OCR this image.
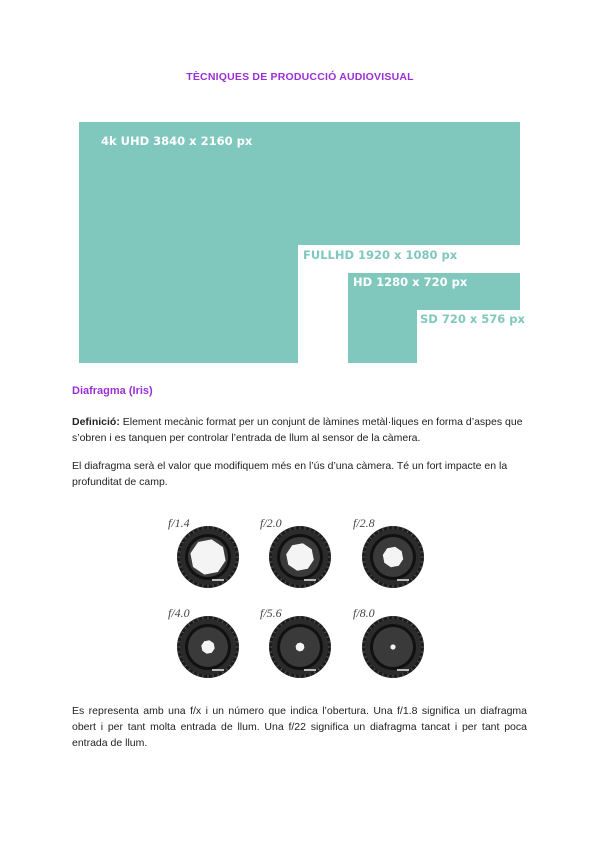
TÈCNIQUES DE PRODUCCIÓ AUDIOVISUAL
4k UHD 3840 x 2160 px
FULLHD 1920 x 1080 px
HD 1280 x 720 px
SD 720 x 576 px
Diafragma (Iris)
Definició: Element mecànic format per un conjunt de làmines metàl·liques en forma d’aspes que s’obren i es tanquen per controlar l’entrada de llum al sensor de la càmera.
El diafragma serà el valor que modifiquem més en l’ús d’una càmera. Té un fort impacte en la profunditat de camp.
f/1.4	f/2.0	f/2.8
f/4.0	f/5.6	f/8.0
Es representa amb una f/x i un número que indica l’obertura. Una f/1.8 significa un diafragma obert i per tant molta entrada de llum. Una f/22 significa un diafragma tancat i per tant poca entrada de llum.
